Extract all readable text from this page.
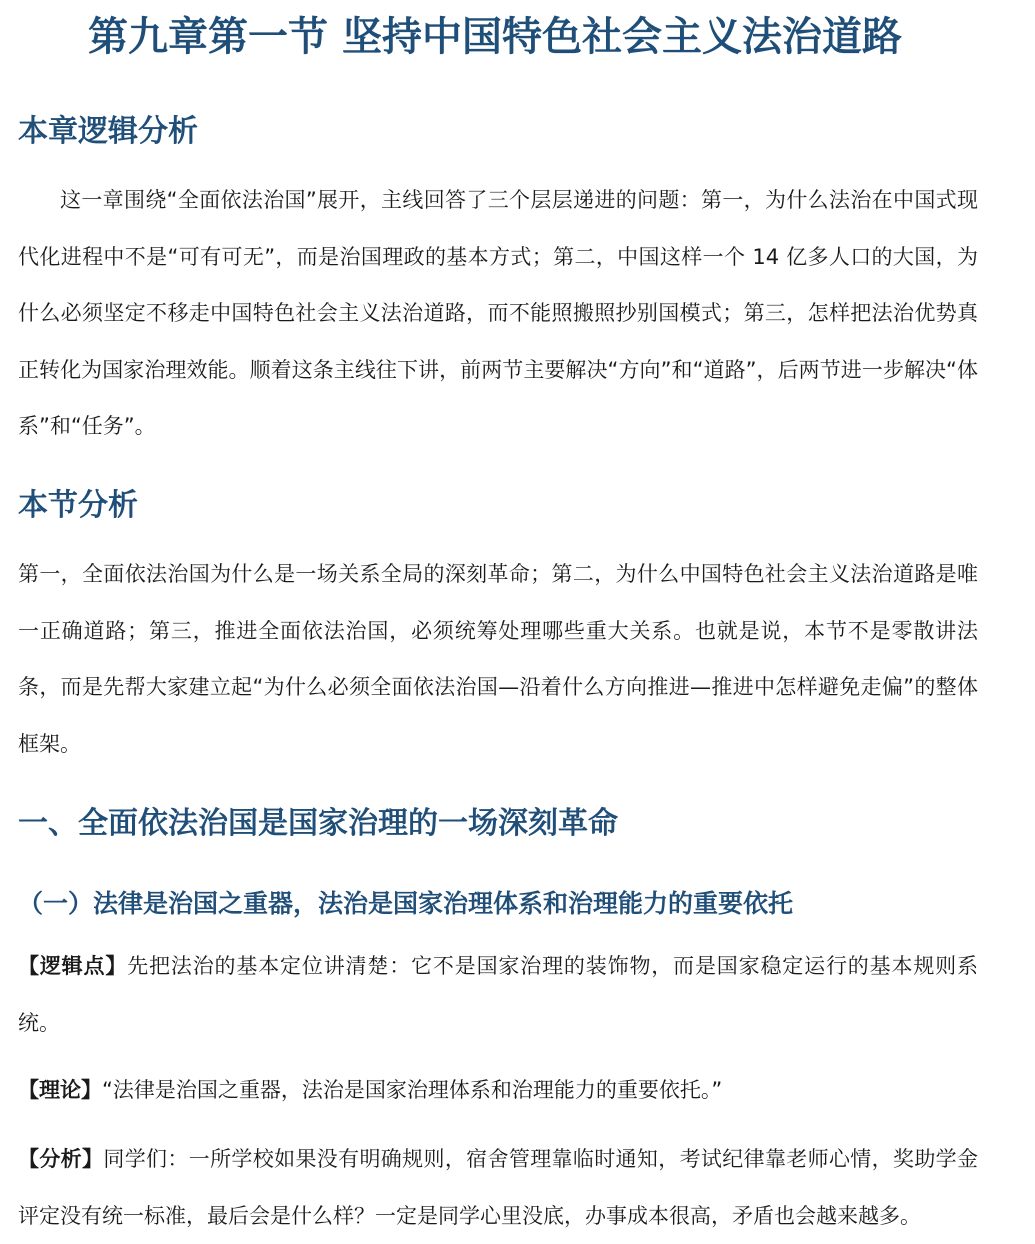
第九章第一节 坚持中国特色社会主义法治道路
本章逻辑分析
这一章围绕“全面依法治国”展开，主线回答了三个层层递进的问题：第一，为什么法治在中国式现代化进程中不是“可有可无”，而是治国理政的基本方式；第二，中国这样一个 14 亿多人口的大国，为什么必须坚定不移走中国特色社会主义法治道路，而不能照搬照抄别国模式；第三，怎样把法治优势真正转化为国家治理效能。顺着这条主线往下讲，前两节主要解决“方向”和“道路”，后两节进一步解决“体系”和“任务”。
本节分析
第一，全面依法治国为什么是一场关系全局的深刻革命；第二，为什么中国特色社会主义法治道路是唯一正确道路；第三，推进全面依法治国，必须统筹处理哪些重大关系。也就是说，本节不是零散讲法条，而是先帮大家建立起“为什么必须全面依法治国—沿着什么方向推进—推进中怎样避免走偏”的整体框架。
一、全面依法治国是国家治理的一场深刻革命
（一）法律是治国之重器，法治是国家治理体系和治理能力的重要依托
【逻辑点】先把法治的基本定位讲清楚：它不是国家治理的装饰物，而是国家稳定运行的基本规则系统。
【理论】“法律是治国之重器，法治是国家治理体系和治理能力的重要依托。”
【分析】同学们：一所学校如果没有明确规则，宿舍管理靠临时通知，考试纪律靠老师心情，奖助学金评定没有统一标准，最后会是什么样？一定是同学心里没底，办事成本很高，矛盾也会越来越多。
